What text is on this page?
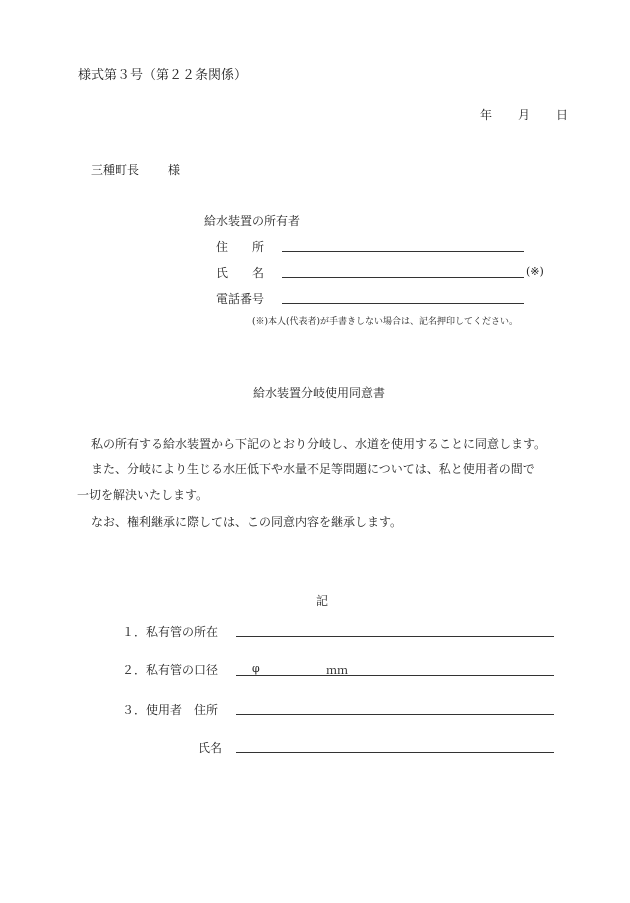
様式第３号（第２２条関係）
年 月 日
三種町長 様
給水装置の所有者
住　　所
氏　　名	(※)
電話番号
(※)本人(代表者)が手書きしない場合は、記名押印してください。
給水装置分岐使用同意書
私の所有する給水装置から下記のとおり分岐し、水道を使用することに同意します。
また、分岐により生じる水圧低下や水量不足等問題については、私と使用者の間で
一切を解決いたします。
なお、権利継承に際しては、この同意内容を継承します。
記
１．私有管の所在
２．私有管の口径	φ	ｍｍ
３．使用者　住所
氏名
